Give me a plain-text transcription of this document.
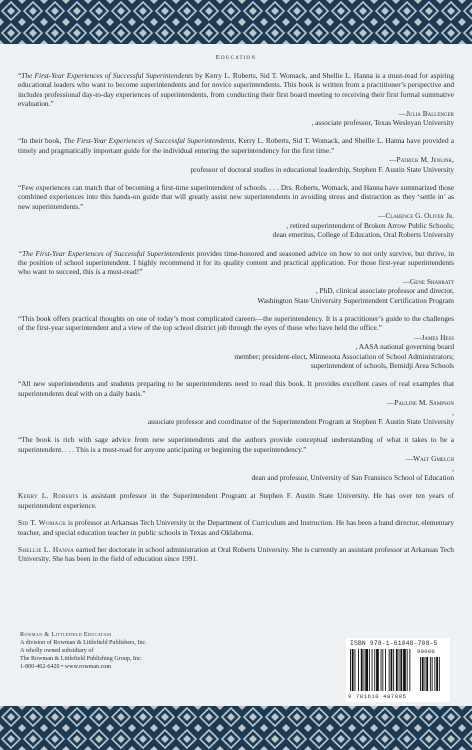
Education

“The First-Year Experiences of Successful Superintendents by Kerry L. Roberts, Sid T. Womack, and Shellie L. Hanna is a must-read for aspiring educational leaders who want to become superintendents and for novice superintendents. This book is written from a practitioner’s perspective and includes professional day-to-day experiences of superintendents, from conducting their first board meeting to receiving their first formal summative evaluation.”
—Julia Ballenger
, associate professor, Texas Wesleyan University

“In their book, The First-Year Experiences of Successful Superintendents, Kerry L. Roberts, Sid T. Womack, and Shellie L. Hanna have provided a timely and pragmatically important guide for the individual entering the superintendency for the first time.”
—Patrick M. Jenlink,
professor of doctoral studies in educational leadership, Stephen F. Austin State University

“Few experiences can match that of becoming a first-time superintendent of schools. . . . Drs. Roberts, Womack, and Hanna have summarized those combined experiences into this hands-on guide that will greatly assist new superintendents in avoiding stress and distraction as they ‘settle in’ as new superintendents.”
—Clarence G. Oliver Jr.
, retired superintendent of Broken Arrow Public Schools;
dean emeritus, College of Education, Oral Roberts University

“The First-Year Experiences of Successful Superintendents provides time-honored and seasoned advice on how to not only survive, but thrive, in the position of school superintendent. I highly recommend it for its quality content and practical application. For those first-year superintendents who want to succeed, this is a must-read!”
—Gene Sharratt
, PhD, clinical associate professor and director,
Washington State University Superintendent Certification Program

“This book offers practical thoughts on one of today’s most complicated careers—the superintendency. It is a practitioner’s guide to the challenges of the first-year superintendent and a view of the top school district job through the eyes of those who have held the office.”
—James Hess
, AASA national governing board
member; president-elect, Minnesota Association of School Administrators;
superintendent of schools, Bemidji Area Schools

“All new superintendents and students preparing to be superintendents need to read this book. It provides excellent cases of real examples that superintendents deal with on a daily basis.”
—Pauline M. Sampson
,
associate professor and coordinator of the Superintendent Program at Stephen F. Austin State University

“The book is rich with sage advice from new superintendents and the authors provide conceptual understanding of what it takes to be a superintendent. . . . This is a must-read for anyone anticipating or beginning the superintendency.”
—Walt Gmelch
,
dean and professor, University of San Fransisco School of Education

Kerry L. Roberts is assistant professor in the Superintendent Program at Stephen F. Austin State University. He has over ten years of superintendent experience.

Sid T. Womack is professor at Arkansas Tech University in the Department of Curriculum and Instruction. He has been a band director, elementary teacher, and special education teacher in public schools in Texas and Oklahoma.

Shellie L. Hanna earned her doctorate in school administration at Oral Roberts University. She is currently an assistant professor at Arkansas Tech University. She has been in the field of education since 1991.

Rowman & Littlefield Education
A division of Rowman & Littlefield Publishers, Inc.
A wholly owned subsidiary of
The Rowman & Littlefield Publishing Group, Inc.
1-800-462-6420 • www.rowman.com
ISBN 978-1-61048-708-5
90000
9 781610 487085
